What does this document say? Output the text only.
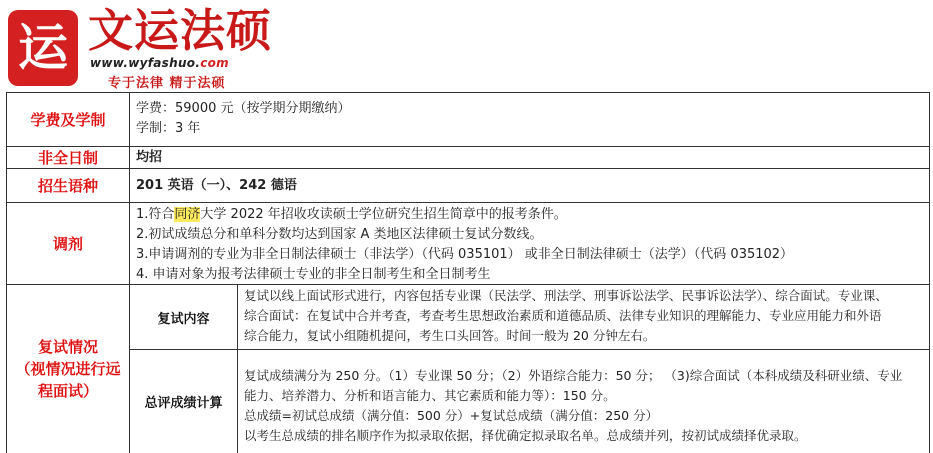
运 文运法硕
www.wyfashuo.com
专于法律 精于法硕
学费及学制
学费：59000 元（按学期分期缴纳）
学制：3 年
非全日制	均招
招生语种	201 英语（一）、242 德语
调剂
1.符合同济大学 2022 年招收攻读硕士学位研究生招生简章中的报考条件。
2.初试成绩总分和单科分数均达到国家 A 类地区法律硕士复试分数线。
3.申请调剂的专业为非全日制法律硕士（非法学）（代码 035101） 或非全日制法律硕士（法学）（代码 035102）
4. 申请对象为报考法律硕士专业的非全日制考生和全日制考生
复试情况
（视情况进行远
程面试）
复试内容
复试以线上面试形式进行，内容包括专业课（民法学、刑法学、刑事诉讼法学、民事诉讼法学）、综合面试。专业课、
综合面试：在复试中合并考查，考查考生思想政治素质和道德品质、法律专业知识的理解能力、专业应用能力和外语
综合能力，复试小组随机提问，考生口头回答。时间一般为 20 分钟左右。
总评成绩计算
复试成绩满分为 250 分。（1）专业课 50 分；（2）外语综合能力：50 分； （3)综合面试（本科成绩及科研业绩、专业
能力、培养潜力、分析和语言能力、其它素质和能力等）：150 分。
总成绩=初试总成绩（满分值：500 分）+复试总成绩（满分值：250 分）
以考生总成绩的排名顺序作为拟录取依据，择优确定拟录取名单。总成绩并列，按初试成绩择优录取。
